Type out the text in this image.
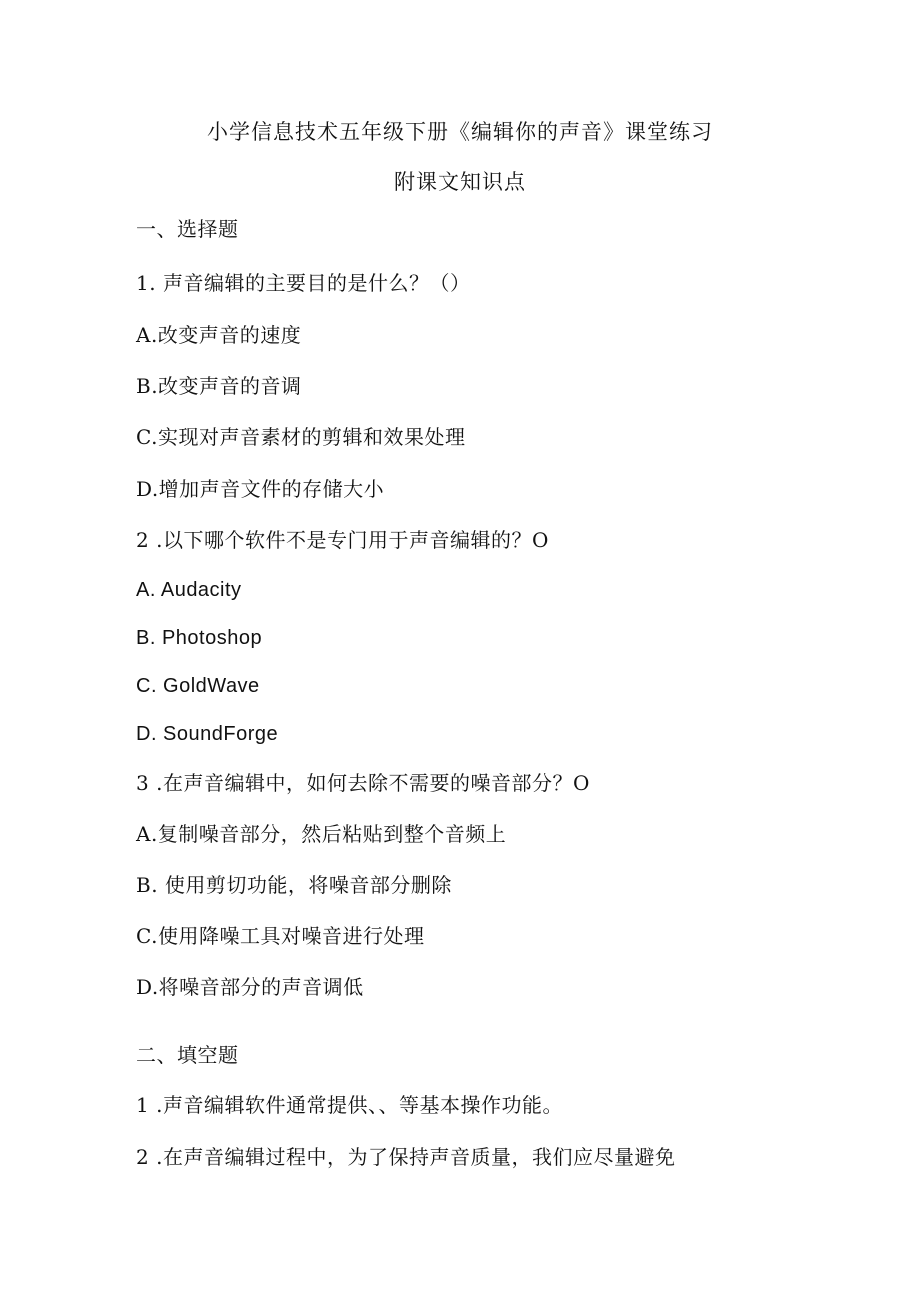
小学信息技术五年级下册《编辑你的声音》课堂练习
附课文知识点
一、选择题
1. 声音编辑的主要目的是什么？（）
A.改变声音的速度
B.改变声音的音调
C.实现对声音素材的剪辑和效果处理
D.增加声音文件的存储大小
2 .以下哪个软件不是专门用于声音编辑的？O
A. Audacity
B. Photoshop
C. GoldWave
D. SoundForge
3 .在声音编辑中，如何去除不需要的噪音部分？O
A.复制噪音部分，然后粘贴到整个音频上
B. 使用剪切功能，将噪音部分删除
C.使用降噪工具对噪音进行处理
D.将噪音部分的声音调低
二、填空题
1 .声音编辑软件通常提供、、等基本操作功能。
2 .在声音编辑过程中，为了保持声音质量，我们应尽量避免
